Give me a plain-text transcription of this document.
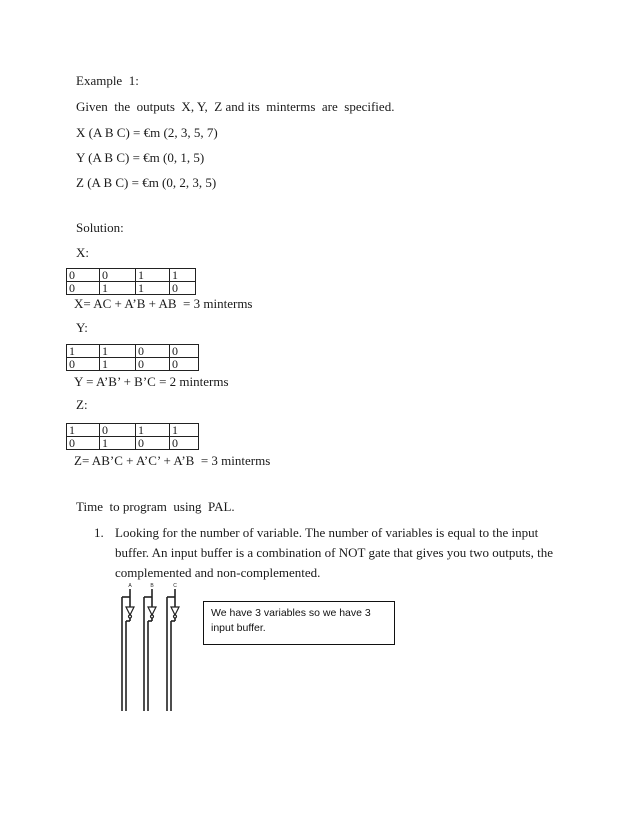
Example  1:
Given  the  outputs  X, Y,  Z and its  minterms  are  specified.
X (A B C) = €m (2, 3, 5, 7)
Y (A B C) = €m (0, 1, 5)
Z (A B C) = €m (0, 2, 3, 5)
Solution:
X:
0	0	1	1
0	1	1	0
X= AC + A’B + AB  = 3 minterms
Y:
1	1	0	0
0	1	0	0
Y = A’B’ + B’C = 2 minterms
Z:
1	0	1	1
0	1	0	0
Z= AB’C + A’C’ + A’B  = 3 minterms
Time  to program  using  PAL.
1. Looking for the number of variable. The number of variables is equal to the input buffer. An input buffer is a combination of NOT gate that gives you two outputs, the complemented and non-complemented.
A	B	C
We have 3 variables so we have 3 input buffer.
